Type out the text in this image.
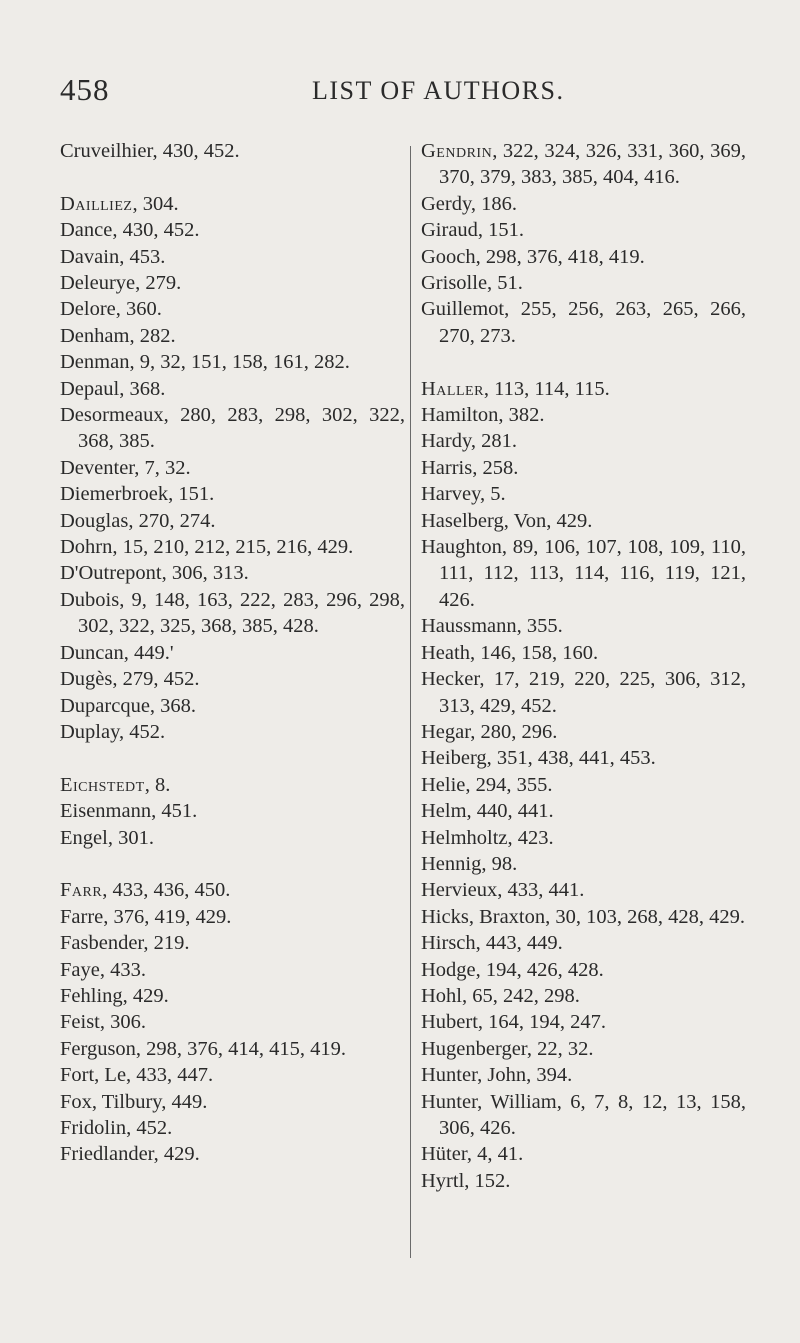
458	LIST OF AUTHORS.
Cruveilhier, 430, 452.
Dailliez, 304.
Dance, 430, 452.
Davain, 453.
Deleurye, 279.
Delore, 360.
Denham, 282.
Denman, 9, 32, 151, 158, 161, 282.
Depaul, 368.
Desormeaux, 280, 283, 298, 302, 322, 368, 385.
Deventer, 7, 32.
Diemerbroek, 151.
Douglas, 270, 274.
Dohrn, 15, 210, 212, 215, 216, 429.
D'Outrepont, 306, 313.
Dubois, 9, 148, 163, 222, 283, 296, 298, 302, 322, 325, 368, 385, 428.
Duncan, 449.'
Dugès, 279, 452.
Duparcque, 368.
Duplay, 452.
Eichstedt, 8.
Eisenmann, 451.
Engel, 301.
Farr, 433, 436, 450.
Farre, 376, 419, 429.
Fasbender, 219.
Faye, 433.
Fehling, 429.
Feist, 306.
Ferguson, 298, 376, 414, 415, 419.
Fort, Le, 433, 447.
Fox, Tilbury, 449.
Fridolin, 452.
Friedlander, 429.
Gendrin, 322, 324, 326, 331, 360, 369, 370, 379, 383, 385, 404, 416.
Gerdy, 186.
Giraud, 151.
Gooch, 298, 376, 418, 419.
Grisolle, 51.
Guillemot, 255, 256, 263, 265, 266, 270, 273.
Haller, 113, 114, 115.
Hamilton, 382.
Hardy, 281.
Harris, 258.
Harvey, 5.
Haselberg, Von, 429.
Haughton, 89, 106, 107, 108, 109, 110, 111, 112, 113, 114, 116, 119, 121, 426.
Haussmann, 355.
Heath, 146, 158, 160.
Hecker, 17, 219, 220, 225, 306, 312, 313, 429, 452.
Hegar, 280, 296.
Heiberg, 351, 438, 441, 453.
Helie, 294, 355.
Helm, 440, 441.
Helmholtz, 423.
Hennig, 98.
Hervieux, 433, 441.
Hicks, Braxton, 30, 103, 268, 428, 429.
Hirsch, 443, 449.
Hodge, 194, 426, 428.
Hohl, 65, 242, 298.
Hubert, 164, 194, 247.
Hugenberger, 22, 32.
Hunter, John, 394.
Hunter, William, 6, 7, 8, 12, 13, 158, 306, 426.
Hüter, 4, 41.
Hyrtl, 152.
